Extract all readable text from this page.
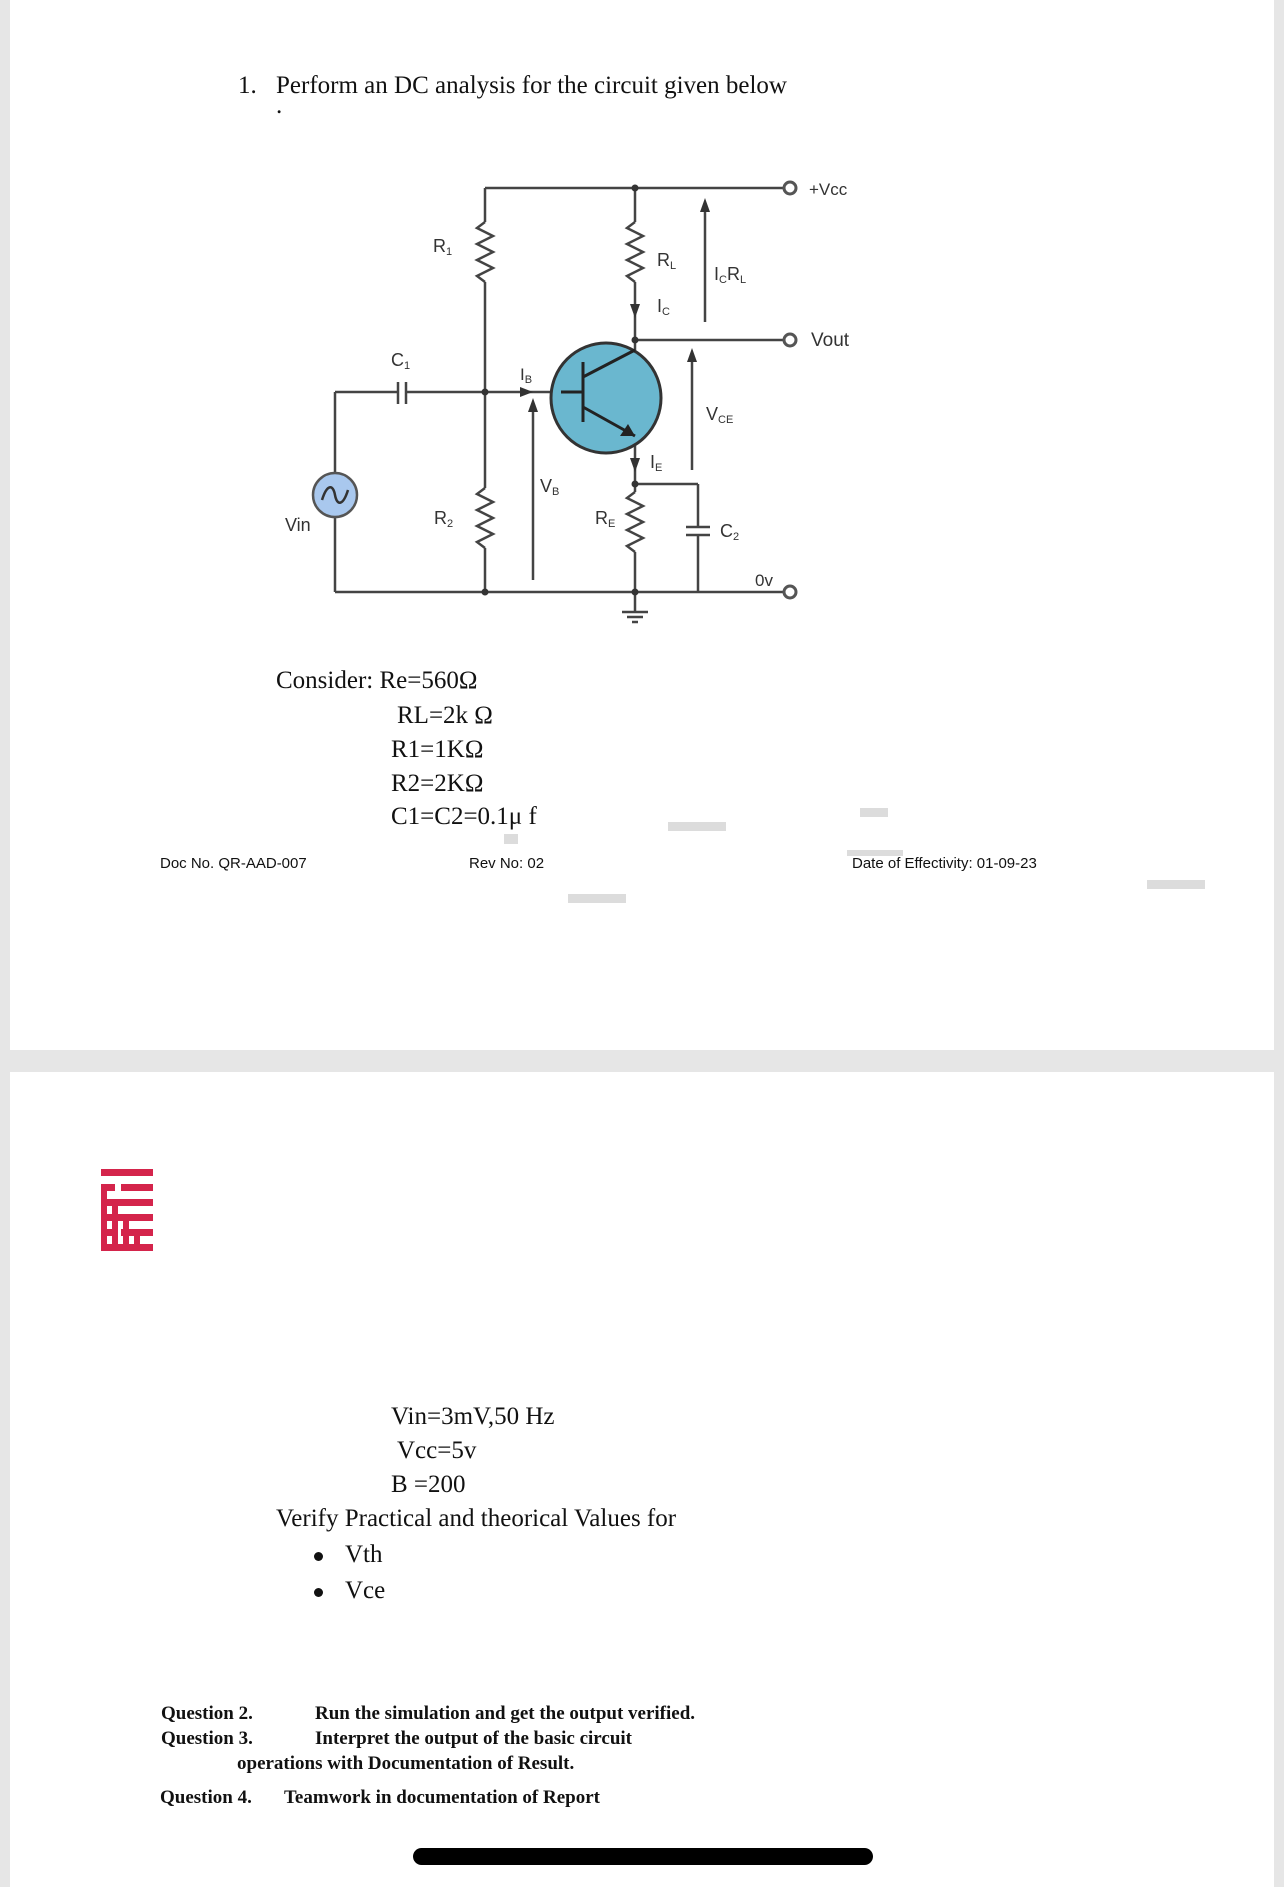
1. Perform an DC analysis for the circuit given below
.
+Vcc
Vout
R1	RL
IC
ICRL
C1	IB
VCE
IE
VB
Vin	R2	RE	C2
0v
Consider: Re=560Ω
RL=2k Ω
R1=1KΩ
R2=2KΩ
C1=C2=0.1μ f
Doc No. QR-AAD-007	Rev No: 02	Date of Effectivity: 01-09-23
Vin=3mV,50 Hz
Vcc=5v
B =200
Verify Practical and theorical Values for
Vth
Vce
Question 2.	Run the simulation and get the output verified.
Question 3.	Interpret the output of the basic circuit
operations with Documentation of Result.
Question 4. Teamwork in documentation of Report
